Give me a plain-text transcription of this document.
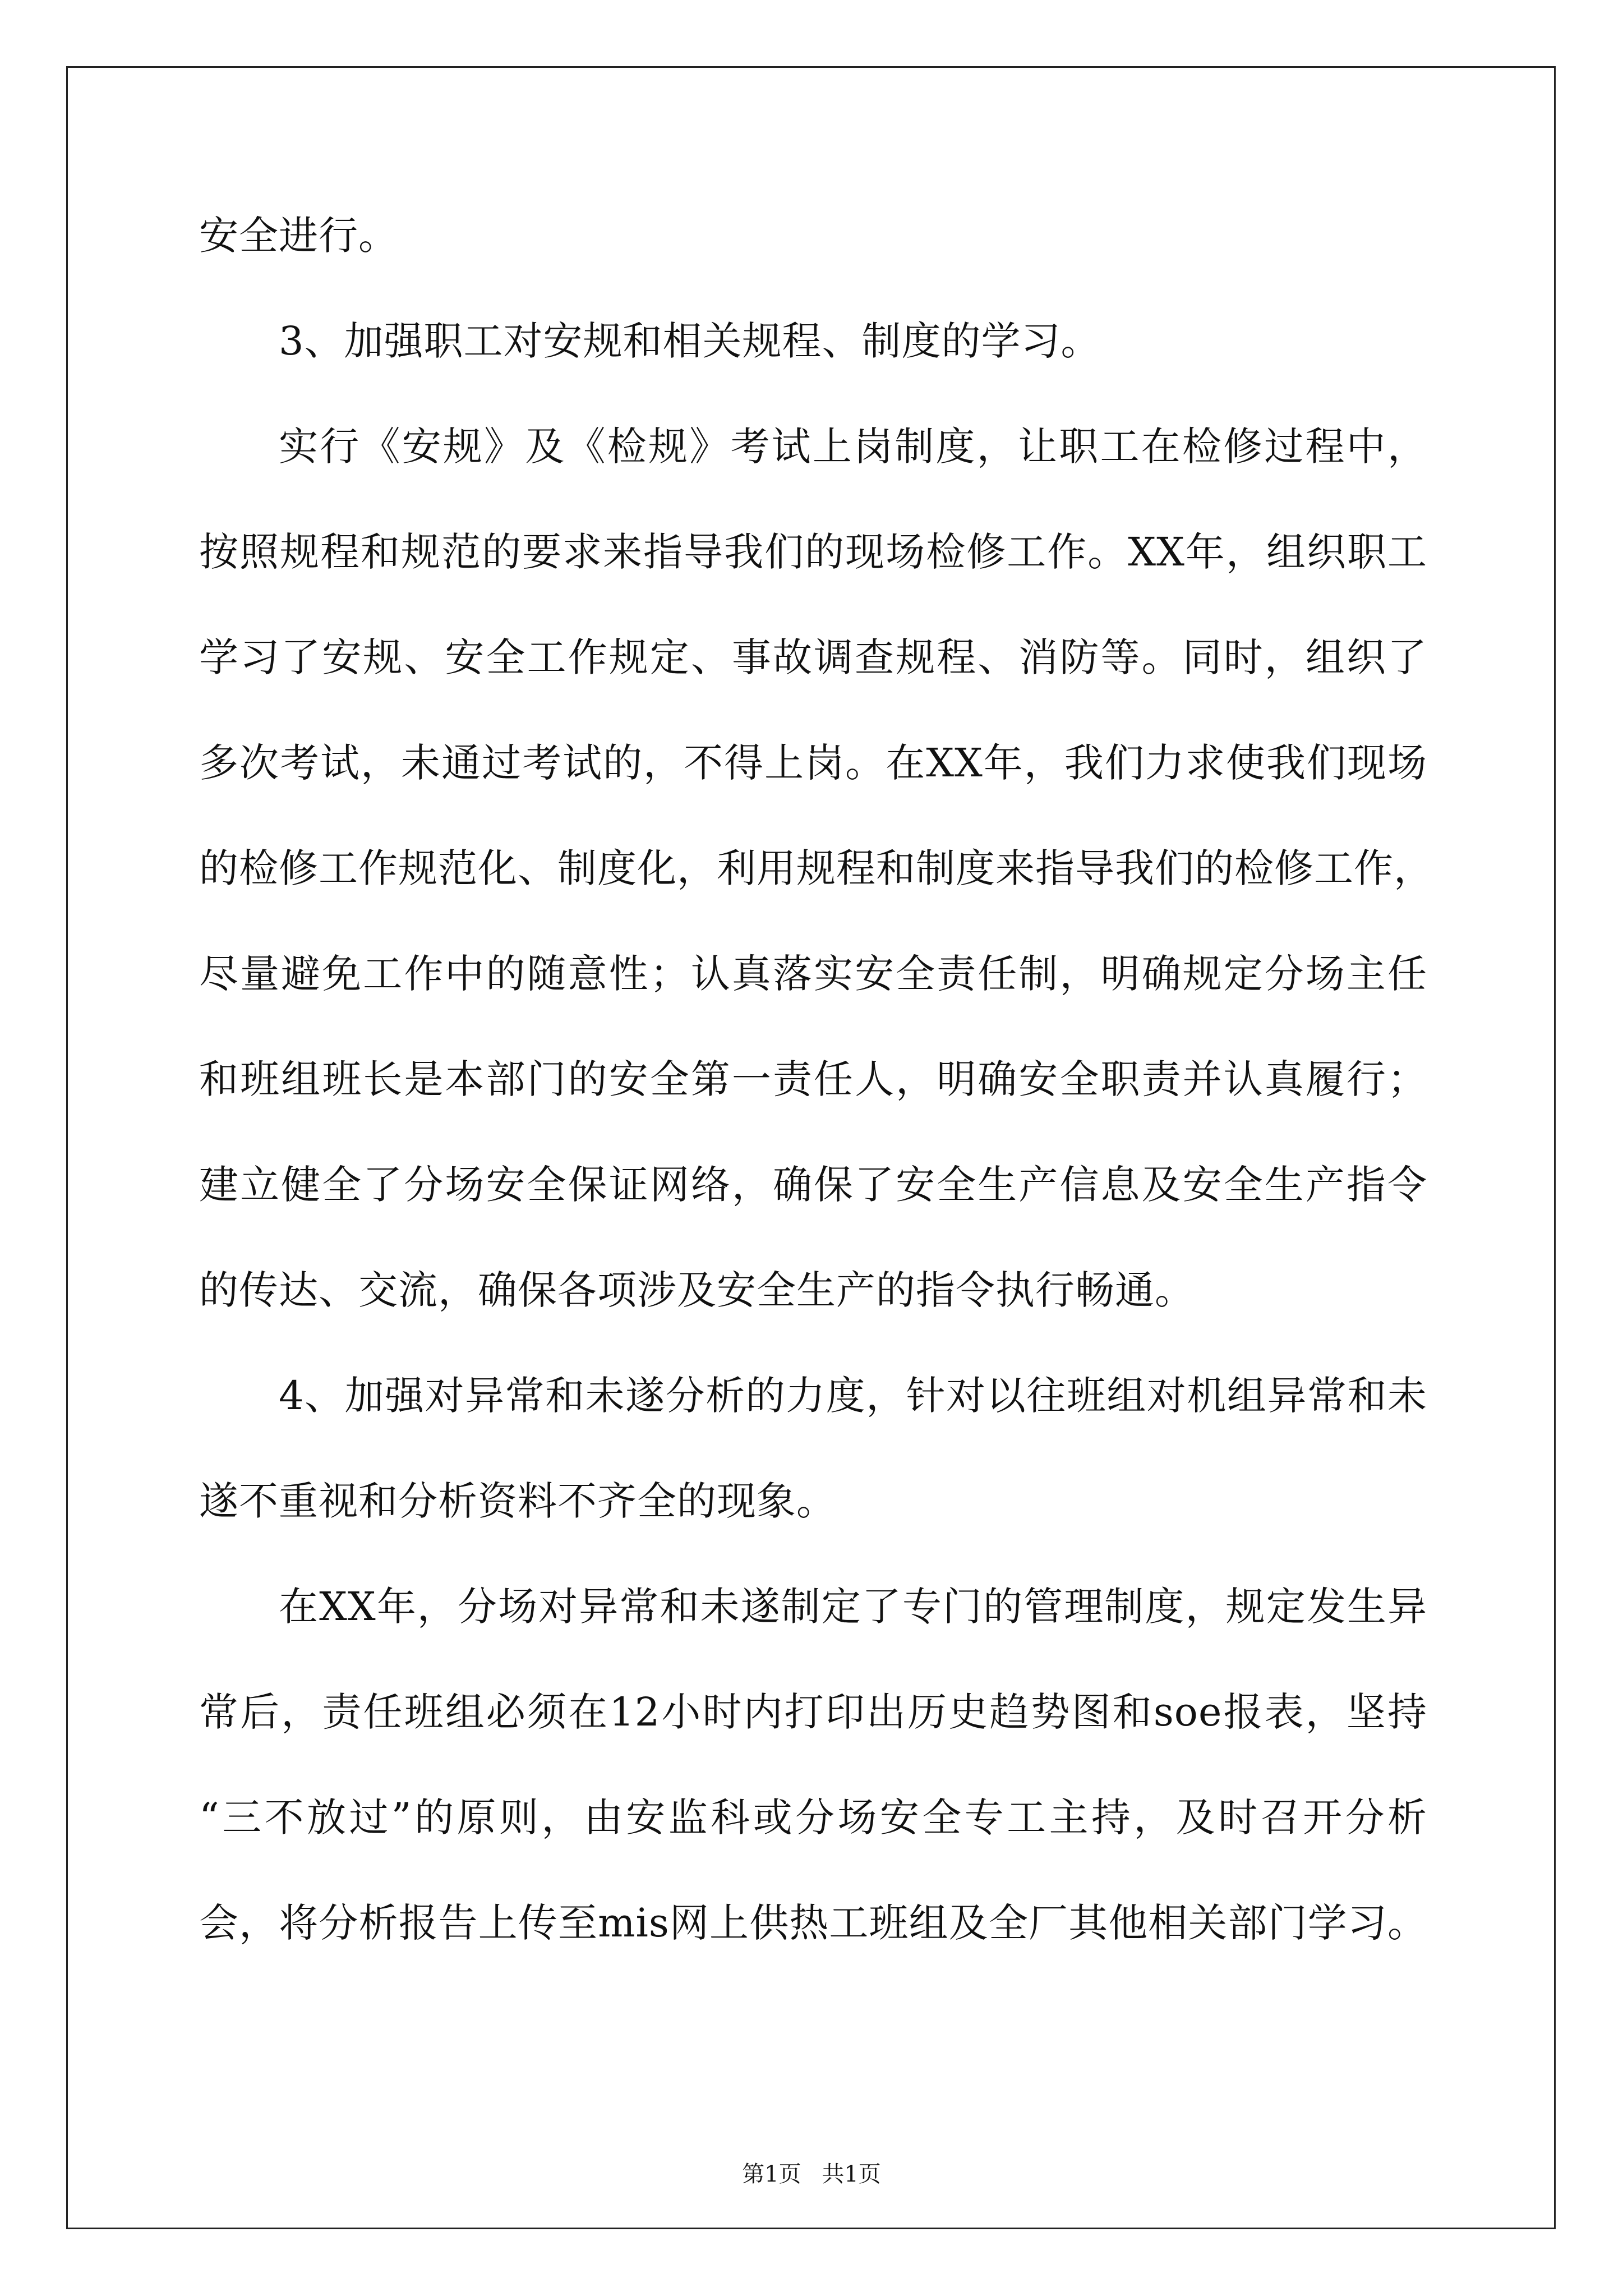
安全进行。
3、加强职工对安规和相关规程、制度的学习。
实行《安规》及《检规》考试上岗制度，让职工在检修过程中，
按照规程和规范的要求来指导我们的现场检修工作。XX年，组织职工
学习了安规、安全工作规定、事故调查规程、消防等。同时，组织了
多次考试，未通过考试的，不得上岗。在XX年，我们力求使我们现场
的检修工作规范化、制度化，利用规程和制度来指导我们的检修工作，
尽量避免工作中的随意性；认真落实安全责任制，明确规定分场主任
和班组班长是本部门的安全第一责任人，明确安全职责并认真履行；
建立健全了分场安全保证网络，确保了安全生产信息及安全生产指令
的传达、交流，确保各项涉及安全生产的指令执行畅通。
4、加强对异常和未遂分析的力度，针对以往班组对机组异常和未
遂不重视和分析资料不齐全的现象。
在XX年，分场对异常和未遂制定了专门的管理制度，规定发生异
常后，责任班组必须在12小时内打印出历史趋势图和soe报表，坚持
“三不放过”的原则，由安监科或分场安全专工主持，及时召开分析
会，将分析报告上传至mis网上供热工班组及全厂其他相关部门学习。
第1页 共1页
